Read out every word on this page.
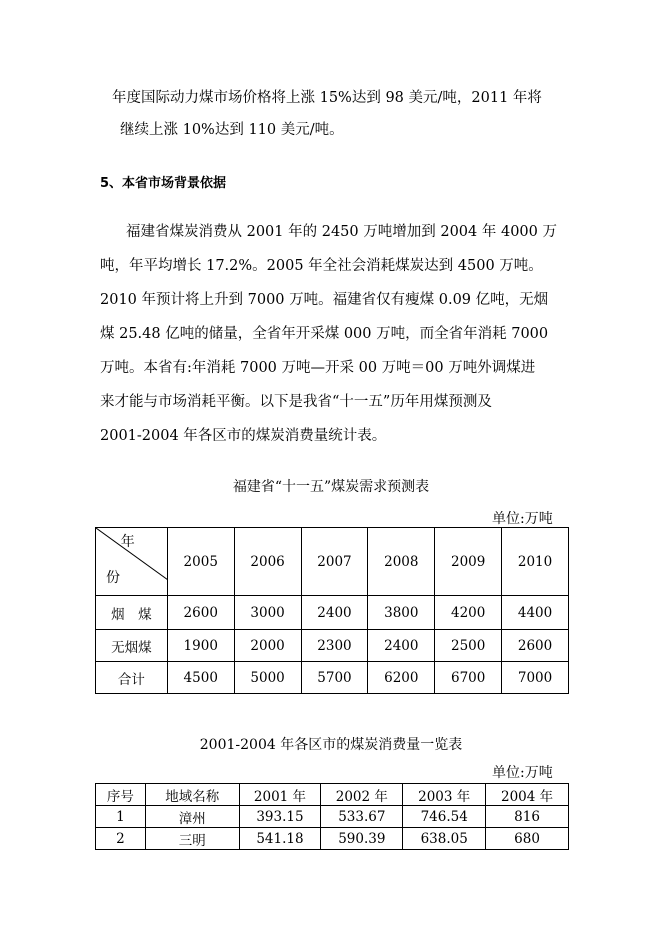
年度国际动力煤市场价格将上涨 15%达到 98 美元/吨，2011 年将
继续上涨 10%达到 110 美元/吨。
5、本省市场背景依据
福建省煤炭消费从 2001 年的 2450 万吨增加到 2004 年 4000 万
吨，年平均增长 17.2%。2005 年全社会消耗煤炭达到 4500 万吨。
2010 年预计将上升到 7000 万吨。福建省仅有瘦煤 0.09 亿吨，无烟
煤 25.48 亿吨的储量，全省年开采煤 000 万吨，而全省年消耗 7000
万吨。本省有:年消耗 7000 万吨—开采 00 万吨＝00 万吨外调煤进
来才能与市场消耗平衡。以下是我省“十一五”历年用煤预测及
2001-2004 年各区市的煤炭消费量统计表。
福建省“十一五”煤炭需求预测表
单位:万吨
年
份	2005	2006	2007	2008	2009	2010
烟　煤	2600	3000	2400	3800	4200	4400
无烟煤	1900	2000	2300	2400	2500	2600
合计	4500	5000	5700	6200	6700	7000
2001-2004 年各区市的煤炭消费量一览表
单位:万吨
序号	地域名称	2001 年	2002 年	2003 年	2004 年
1	漳州	393.15	533.67	746.54	816
2	三明	541.18	590.39	638.05	680
